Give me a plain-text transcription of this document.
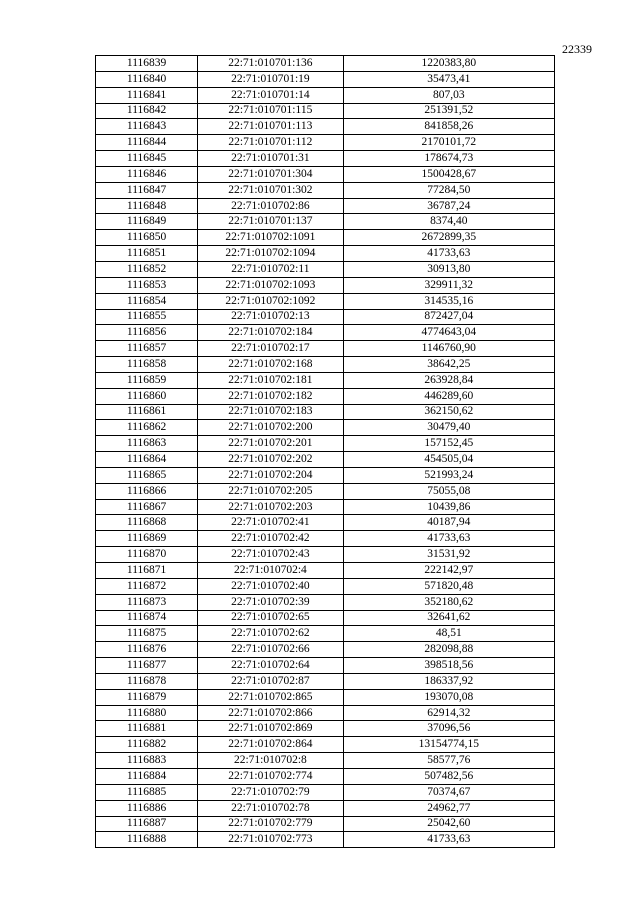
22339
1116839	22:71:010701:136	1220383,80
1116840	22:71:010701:19	35473,41
1116841	22:71:010701:14	807,03
1116842	22:71:010701:115	251391,52
1116843	22:71:010701:113	841858,26
1116844	22:71:010701:112	2170101,72
1116845	22:71:010701:31	178674,73
1116846	22:71:010701:304	1500428,67
1116847	22:71:010701:302	77284,50
1116848	22:71:010702:86	36787,24
1116849	22:71:010701:137	8374,40
1116850	22:71:010702:1091	2672899,35
1116851	22:71:010702:1094	41733,63
1116852	22:71:010702:11	30913,80
1116853	22:71:010702:1093	329911,32
1116854	22:71:010702:1092	314535,16
1116855	22:71:010702:13	872427,04
1116856	22:71:010702:184	4774643,04
1116857	22:71:010702:17	1146760,90
1116858	22:71:010702:168	38642,25
1116859	22:71:010702:181	263928,84
1116860	22:71:010702:182	446289,60
1116861	22:71:010702:183	362150,62
1116862	22:71:010702:200	30479,40
1116863	22:71:010702:201	157152,45
1116864	22:71:010702:202	454505,04
1116865	22:71:010702:204	521993,24
1116866	22:71:010702:205	75055,08
1116867	22:71:010702:203	10439,86
1116868	22:71:010702:41	40187,94
1116869	22:71:010702:42	41733,63
1116870	22:71:010702:43	31531,92
1116871	22:71:010702:4	222142,97
1116872	22:71:010702:40	571820,48
1116873	22:71:010702:39	352180,62
1116874	22:71:010702:65	32641,62
1116875	22:71:010702:62	48,51
1116876	22:71:010702:66	282098,88
1116877	22:71:010702:64	398518,56
1116878	22:71:010702:87	186337,92
1116879	22:71:010702:865	193070,08
1116880	22:71:010702:866	62914,32
1116881	22:71:010702:869	37096,56
1116882	22:71:010702:864	13154774,15
1116883	22:71:010702:8	58577,76
1116884	22:71:010702:774	507482,56
1116885	22:71:010702:79	70374,67
1116886	22:71:010702:78	24962,77
1116887	22:71:010702:779	25042,60
1116888	22:71:010702:773	41733,63
